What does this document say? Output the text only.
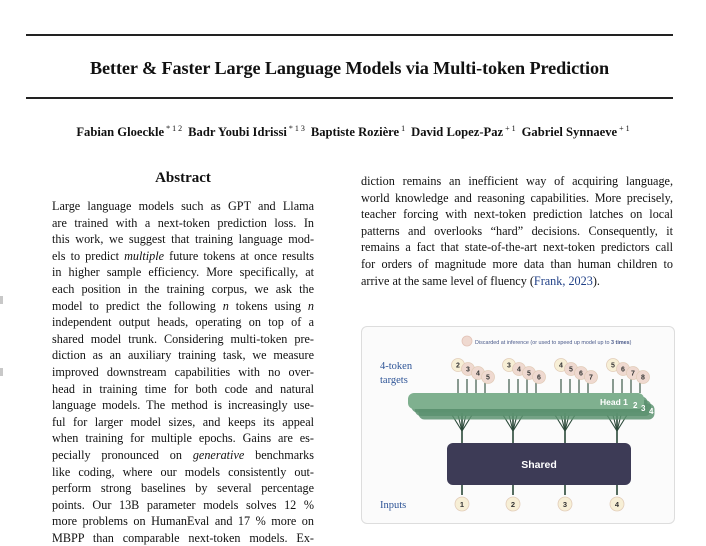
Better & Faster Large Language Models via Multi-token Prediction
Fabian Gloeckle $^{* 1 2}$ Badr Youbi Idrissi $^{* 1 3}$ Baptiste Rozière $^1$ David Lopez-Paz $^{+ 1}$ Gabriel Synnaeve $^{+ 1}$
Abstract
Large language models such as GPT and Llama
are trained with a next-token prediction loss. In
this work, we suggest that training language mod-
els to predict multiple future tokens at once results
in higher sample efficiency. More specifically, at
each position in the training corpus, we ask the
model to predict the following n tokens using n
independent output heads, operating on top of a
shared model trunk. Considering multi-token pre-
diction as an auxiliary training task, we measure
improved downstream capabilities with no over-
head in training time for both code and natural
language models. The method is increasingly use-
ful for larger model sizes, and keeps its appeal
when training for multiple epochs. Gains are es-
pecially pronounced on generative benchmarks
like coding, where our models consistently out-
perform strong baselines by several percentage
points. Our 13B parameter models solves 12 %
more problems on HumanEval and 17 % more on
MBPP than comparable next-token models. Ex-
diction remains an inefficient way of acquiring language,
world knowledge and reasoning capabilities. More precisely,
teacher forcing with next-token prediction latches on local
patterns and overlooks “hard” decisions. Consequently, it
remains a fact that state-of-the-art next-token predictors call
for orders of magnitude more data than human children to
arrive at the same level of fluency (Frank, 2023).
Discarded at inference (or used to speed up model up to 3 times)
4-token
targets
Inputs
Shared
Head 1 2 3 4
2
3
4
5
3
4
5
6
4
5
6
7
5
6
7
8
1	2	3	4
